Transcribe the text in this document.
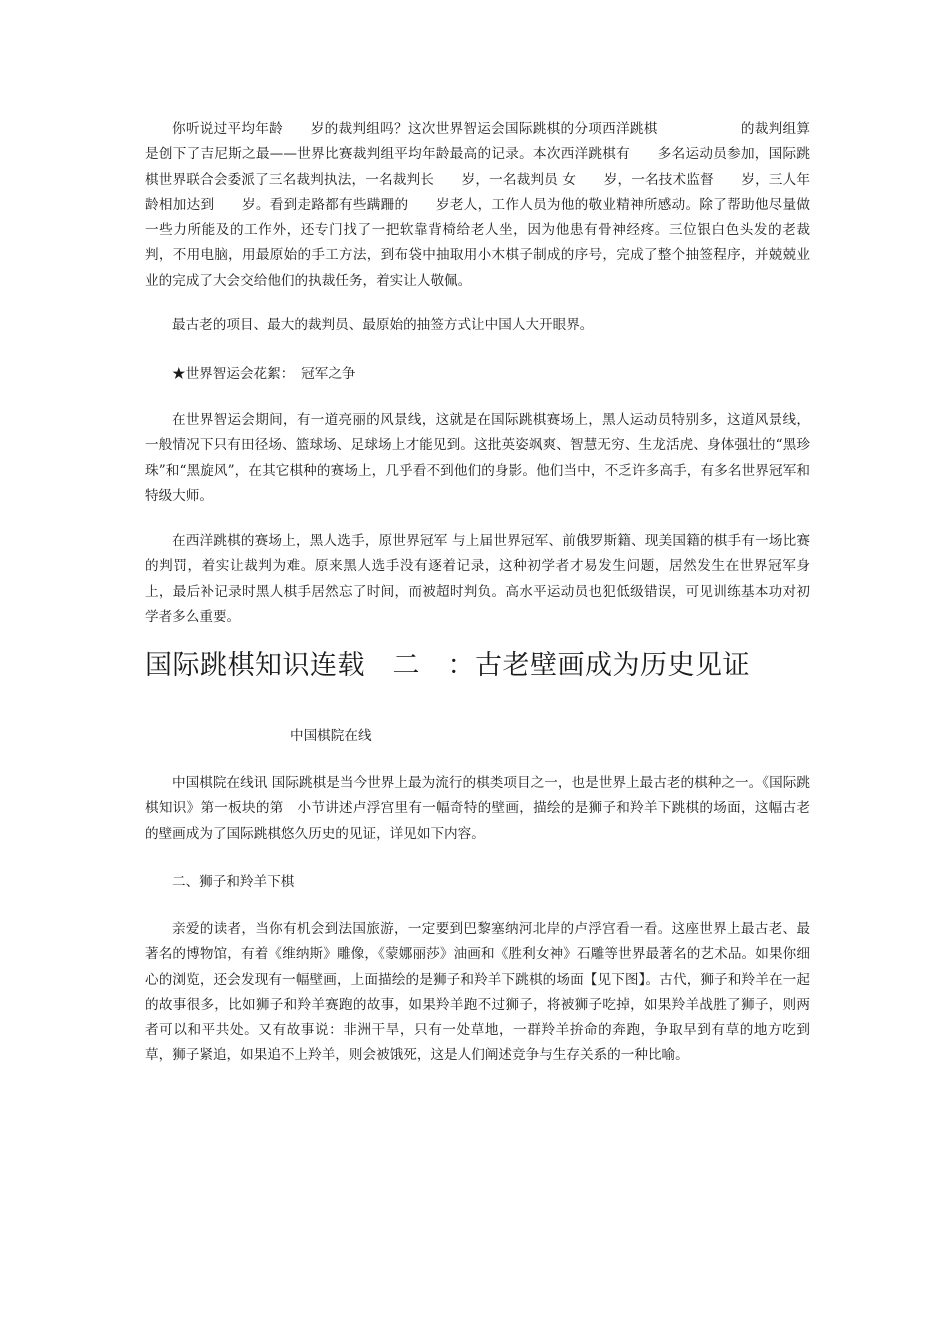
你听说过平均年龄　　岁的裁判组吗？这次世界智运会国际跳棋的分项西洋跳棋　　　　　　的裁判组算是创下了吉尼斯之最——世界比赛裁判组平均年龄最高的记录。本次西洋跳棋有　　多名运动员参加，国际跳棋世界联合会委派了三名裁判执法，一名裁判长　　岁，一名裁判员 女　　岁，一名技术监督　　岁，三人年龄相加达到　　岁。看到走路都有些蹒跚的　　岁老人，工作人员为他的敬业精神所感动。除了帮助他尽量做一些力所能及的工作外，还专门找了一把软靠背椅给老人坐，因为他患有骨神经疼。三位银白色头发的老裁判，不用电脑，用最原始的手工方法，到布袋中抽取用小木棋子制成的序号，完成了整个抽签程序，并兢兢业业的完成了大会交给他们的执裁任务，着实让人敬佩。

最古老的项目、最大的裁判员、最原始的抽签方式让中国人大开眼界。

★世界智运会花絮：　冠军之争

在世界智运会期间，有一道亮丽的风景线，这就是在国际跳棋赛场上，黑人运动员特别多，这道风景线，一般情况下只有田径场、篮球场、足球场上才能见到。这批英姿飒爽、智慧无穷、生龙活虎、身体强壮的“黑珍珠”和“黑旋风”，在其它棋种的赛场上，几乎看不到他们的身影。他们当中，不乏许多高手，有多名世界冠军和特级大师。

在西洋跳棋的赛场上，黑人选手，原世界冠军 与上届世界冠军、前俄罗斯籍、现美国籍的棋手有一场比赛的判罚，着实让裁判为难。原来黑人选手没有逐着记录，这种初学者才易发生问题，居然发生在世界冠军身上，最后补记录时黑人棋手居然忘了时间，而被超时判负。高水平运动员也犯低级错误，可见训练基本功对初学者多么重要。

国际跳棋知识连载　二　：古老壁画成为历史见证

中国棋院在线

中国棋院在线讯 国际跳棋是当今世界上最为流行的棋类项目之一，也是世界上最古老的棋种之一。《国际跳棋知识》第一板块的第　小节讲述卢浮宫里有一幅奇特的壁画，描绘的是狮子和羚羊下跳棋的场面，这幅古老的壁画成为了国际跳棋悠久历史的见证，详见如下内容。

二、狮子和羚羊下棋

亲爱的读者，当你有机会到法国旅游，一定要到巴黎塞纳河北岸的卢浮宫看一看。这座世界上最古老、最著名的博物馆，有着《维纳斯》雕像，《蒙娜丽莎》油画和《胜利女神》石雕等世界最著名的艺术品。如果你细心的浏览，还会发现有一幅壁画，上面描绘的是狮子和羚羊下跳棋的场面【见下图】。古代，狮子和羚羊在一起的故事很多，比如狮子和羚羊赛跑的故事，如果羚羊跑不过狮子，将被狮子吃掉，如果羚羊战胜了狮子，则两者可以和平共处。又有故事说：非洲干旱，只有一处草地，一群羚羊拚命的奔跑，争取早到有草的地方吃到草，狮子紧追，如果追不上羚羊，则会被饿死，这是人们阐述竞争与生存关系的一种比喻。
